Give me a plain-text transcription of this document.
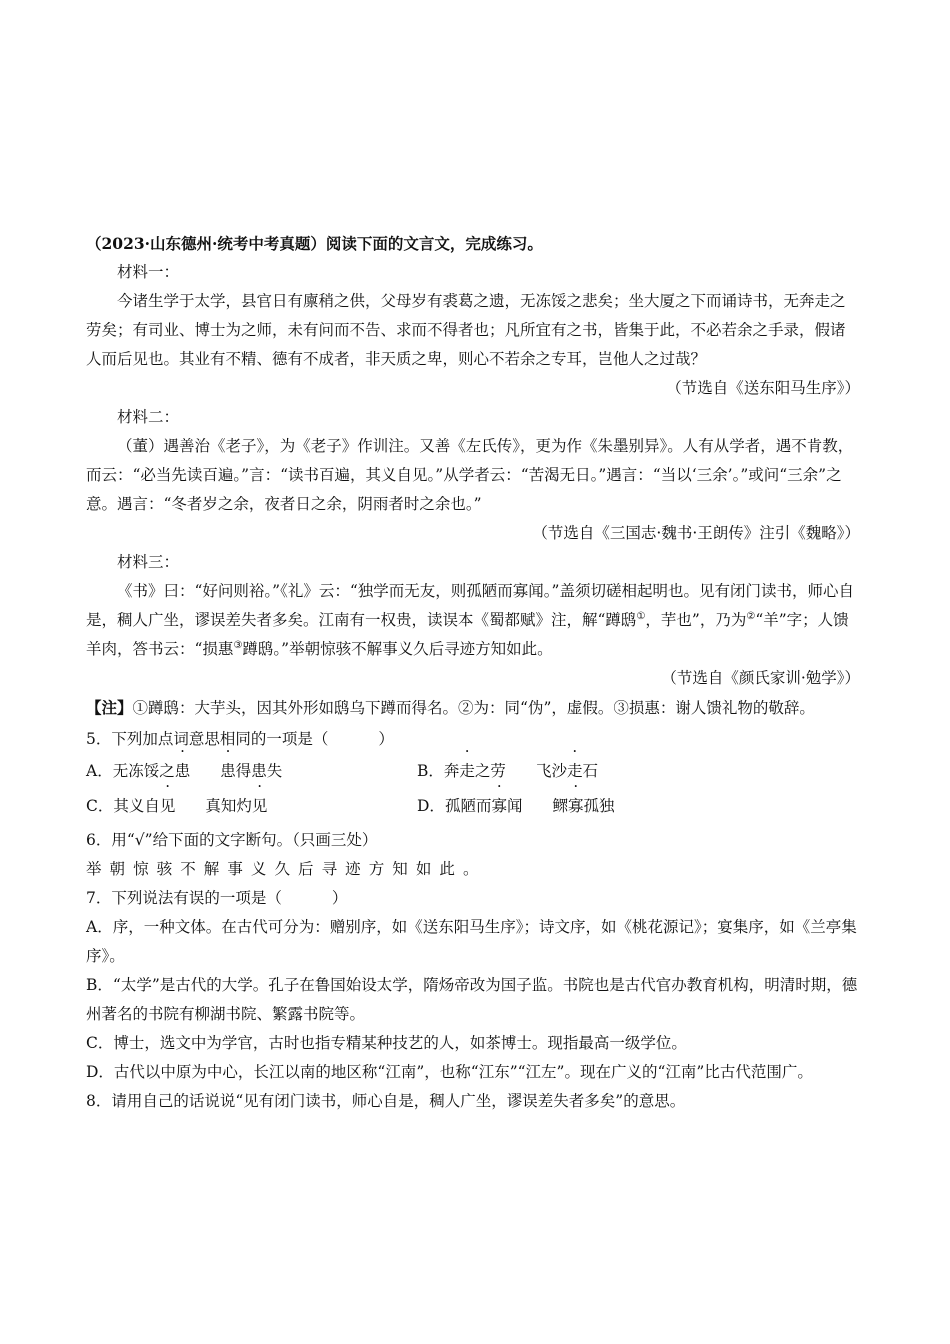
（2023·山东德州·统考中考真题）阅读下面的文言文，完成练习。

材料一：

今诸生学于太学，县官日有廪稍之供，父母岁有裘葛之遗，无冻馁之悲矣；坐大厦之下而诵诗书，无奔走之劳矣；有司业、博士为之师，未有问而不告、求而不得者也；凡所宜有之书，皆集于此，不必若余之手录，假诸人而后见也。其业有不精、德有不成者，非天质之卑，则心不若余之专耳，岂他人之过哉？

（节选自《送东阳马生序》）

材料二：

（董）遇善治《老子》，为《老子》作训注。又善《左氏传》，更为作《朱墨别异》。人有从学者，遇不肯教，而云：“必当先读百遍。”言：“读书百遍，其义自见。”从学者云：“苦渴无日。”遇言：“当以‘三余’。”或问“三余”之意。遇言：“冬者岁之余，夜者日之余，阴雨者时之余也。”

（节选自《三国志·魏书·王朗传》注引《魏略》）

材料三：

《书》曰：“好问则裕。”《礼》云：“独学而无友，则孤陋而寡闻。”盖须切磋相起明也。见有闭门读书，师心自是，稠人广坐，谬误差失者多矣。江南有一权贵，读误本《蜀都赋》注，解“蹲鸱①，芋也”，乃为②“羊”字；人馈羊肉，答书云：“损惠③蹲鸱。”举朝惊骇不解事义久后寻迹方知如此。

（节选自《颜氏家训·勉学》）

【注】①蹲鸱：大芋头，因其外形如鸱乌下蹲而得名。②为：同“伪”，虚假。③损惠：谢人馈礼物的敬辞。

5．下列加点词意思相同的一项是（	）

A．无冻馁之患 患得患失	B．奔走之劳 飞沙走石
C．其义自见 真知灼见	D．孤陋而寡闻 鳏寡孤独

6．用“√”给下面的文字断句。（只画三处）

举朝惊骇不解事义久后寻迹方知如此。

7．下列说法有误的一项是（	）

A．序，一种文体。在古代可分为：赠别序，如《送东阳马生序》；诗文序，如《桃花源记》；宴集序，如《兰亭集序》。

B．“太学”是古代的大学。孔子在鲁国始设太学，隋炀帝改为国子监。书院也是古代官办教育机构，明清时期，德州著名的书院有柳湖书院、繁露书院等。

C．博士，选文中为学官，古时也指专精某种技艺的人，如茶博士。现指最高一级学位。

D．古代以中原为中心，长江以南的地区称“江南”，也称“江东”“江左”。现在广义的“江南”比古代范围广。

8．请用自己的话说说“见有闭门读书，师心自是，稠人广坐，谬误差失者多矣”的意思。
